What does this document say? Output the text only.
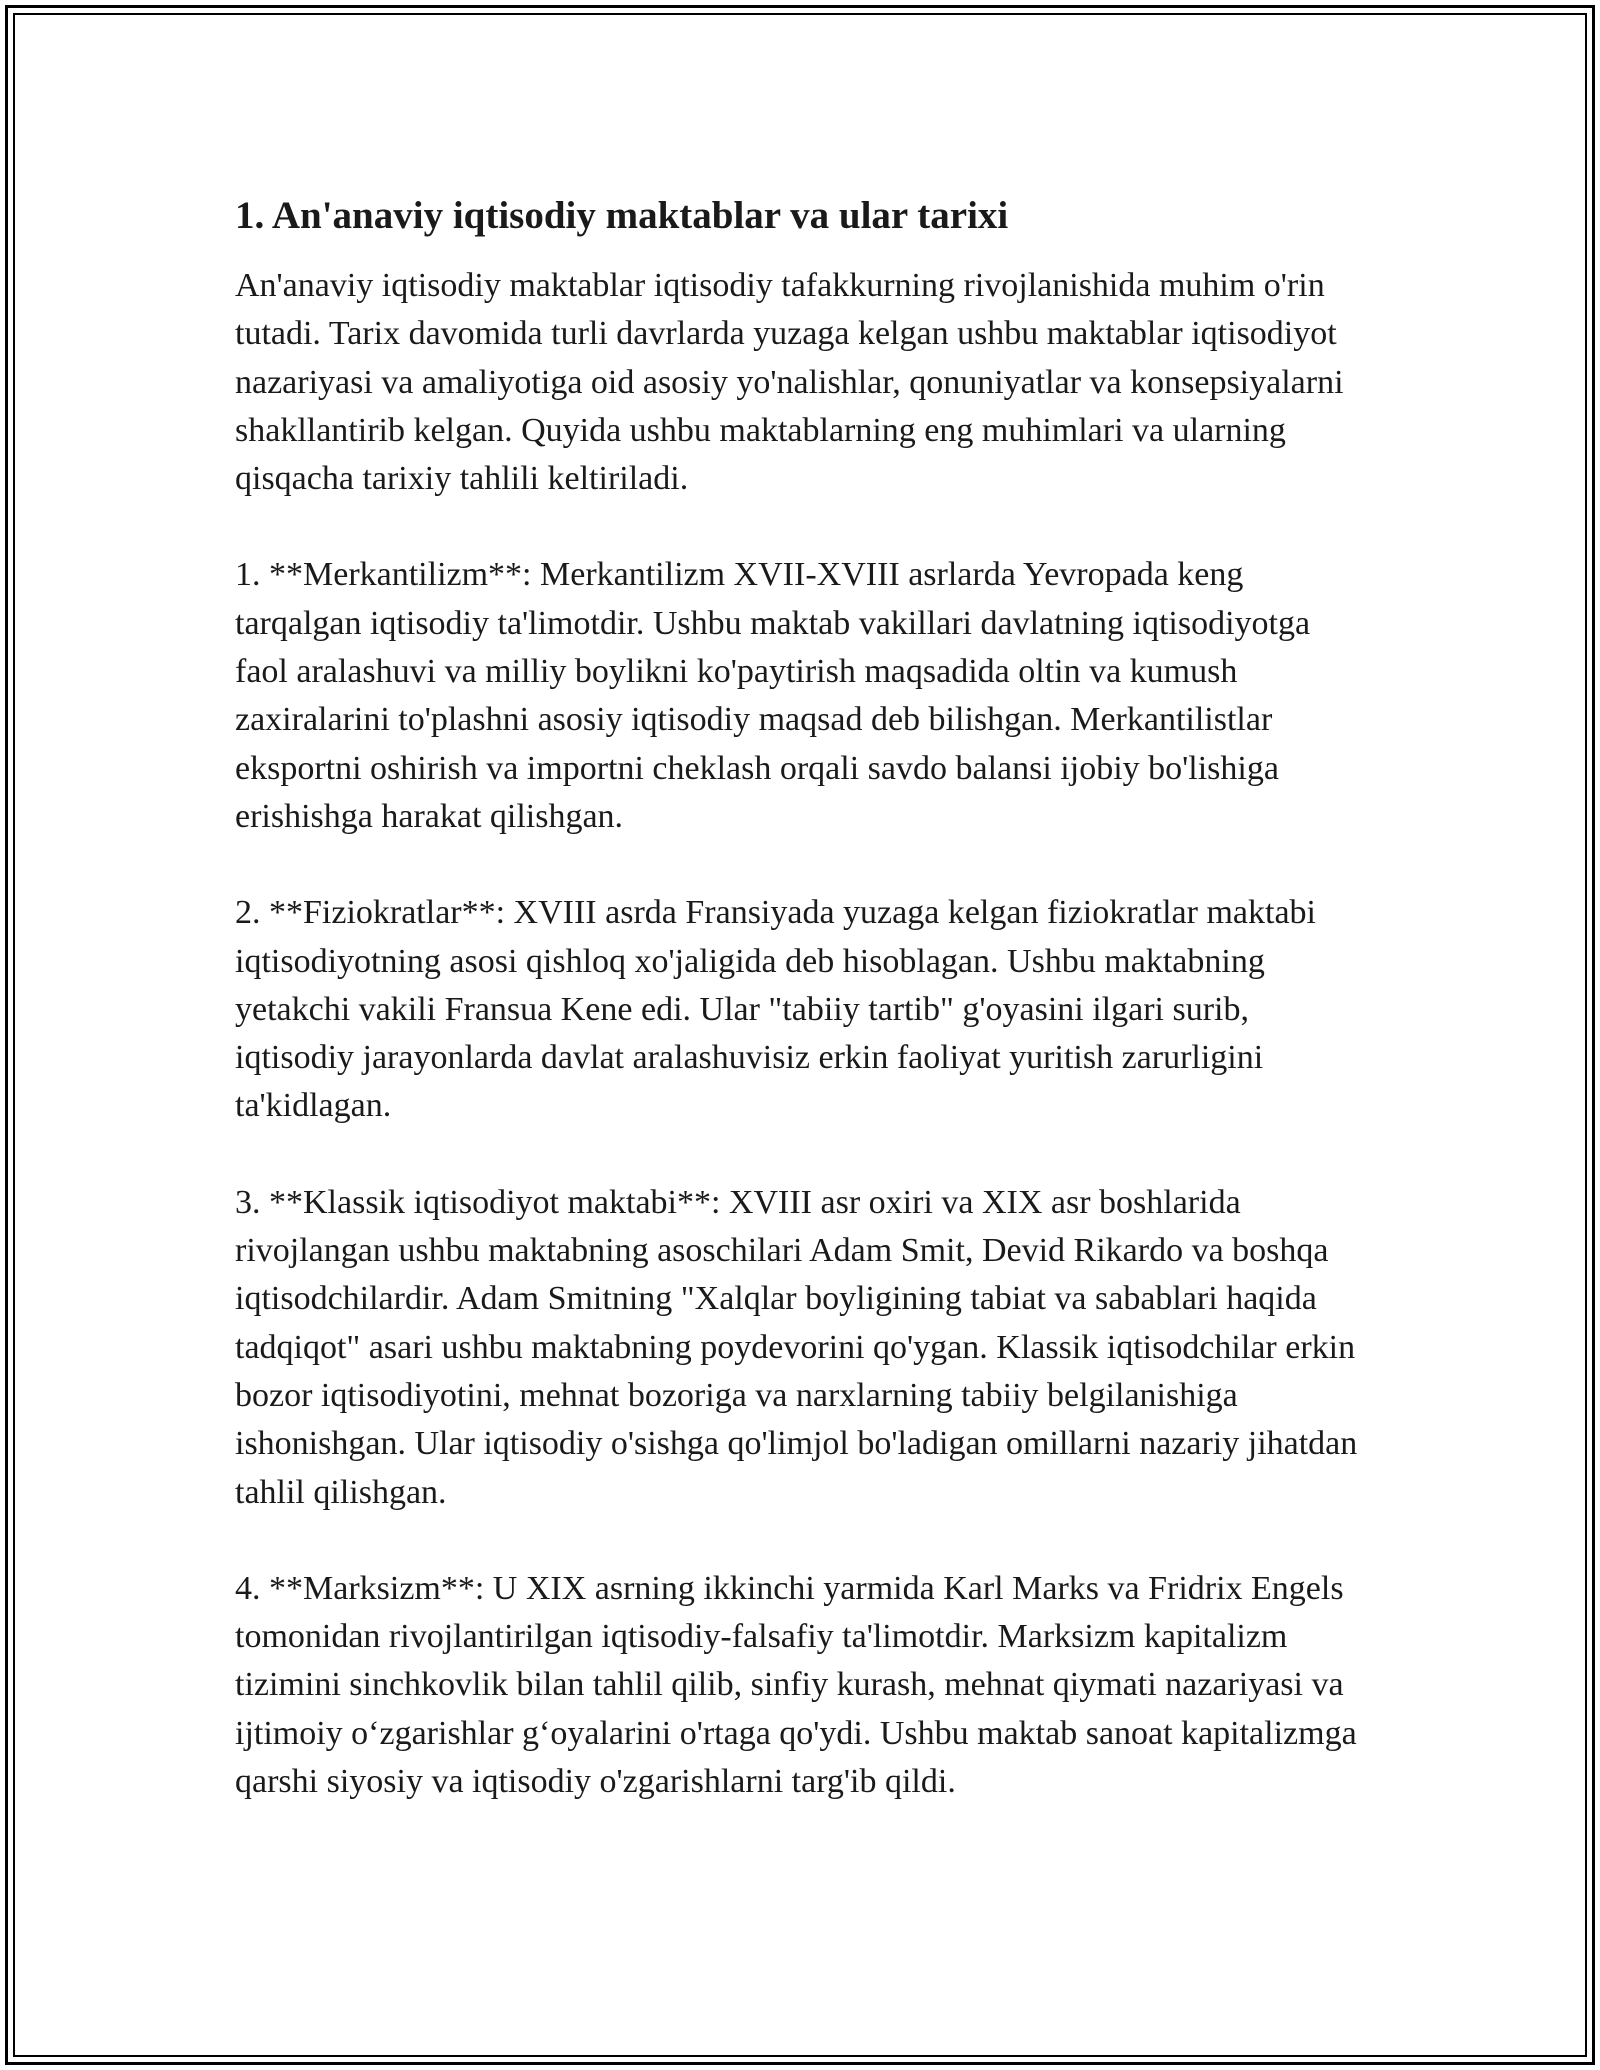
1. An'anaviy iqtisodiy maktablar va ular tarixi

An'anaviy iqtisodiy maktablar iqtisodiy tafakkurning rivojlanishida muhim o'rin tutadi. Tarix davomida turli davrlarda yuzaga kelgan ushbu maktablar iqtisodiyot nazariyasi va amaliyotiga oid asosiy yo'nalishlar, qonuniyatlar va konsepsiyalarni shakllantirib kelgan. Quyida ushbu maktablarning eng muhimlari va ularning qisqacha tarixiy tahlili keltiriladi.

1. **Merkantilizm**: Merkantilizm XVII-XVIII asrlarda Yevropada keng tarqalgan iqtisodiy ta'limotdir. Ushbu maktab vakillari davlatning iqtisodiyotga faol aralashuvi va milliy boylikni ko'paytirish maqsadida oltin va kumush zaxiralarini to'plashni asosiy iqtisodiy maqsad deb bilishgan. Merkantilistlar eksportni oshirish va importni cheklash orqali savdo balansi ijobiy bo'lishiga erishishga harakat qilishgan.

2. **Fiziokratlar**: XVIII asrda Fransiyada yuzaga kelgan fiziokratlar maktabi iqtisodiyotning asosi qishloq xo'jaligida deb hisoblagan. Ushbu maktabning yetakchi vakili Fransua Kene edi. Ular "tabiiy tartib" g'oyasini ilgari surib, iqtisodiy jarayonlarda davlat aralashuvisiz erkin faoliyat yuritish zarurligini ta'kidlagan.

3. **Klassik iqtisodiyot maktabi**: XVIII asr oxiri va XIX asr boshlarida rivojlangan ushbu maktabning asoschilari Adam Smit, Devid Rikardo va boshqa iqtisodchilardir. Adam Smitning "Xalqlar boyligining tabiat va sabablari haqida tadqiqot" asari ushbu maktabning poydevorini qo'ygan. Klassik iqtisodchilar erkin bozor iqtisodiyotini, mehnat bozoriga va narxlarning tabiiy belgilanishiga ishonishgan. Ular iqtisodiy o'sishga qo'limjol bo'ladigan omillarni nazariy jihatdan tahlil qilishgan.

4. **Marksizm**: U XIX asrning ikkinchi yarmida Karl Marks va Fridrix Engels tomonidan rivojlantirilgan iqtisodiy-falsafiy ta'limotdir. Marksizm kapitalizm tizimini sinchkovlik bilan tahlil qilib, sinfiy kurash, mehnat qiymati nazariyasi va ijtimoiy oʻzgarishlar gʻoyalarini o'rtaga qo'ydi. Ushbu maktab sanoat kapitalizmga qarshi siyosiy va iqtisodiy o'zgarishlarni targ'ib qildi.
